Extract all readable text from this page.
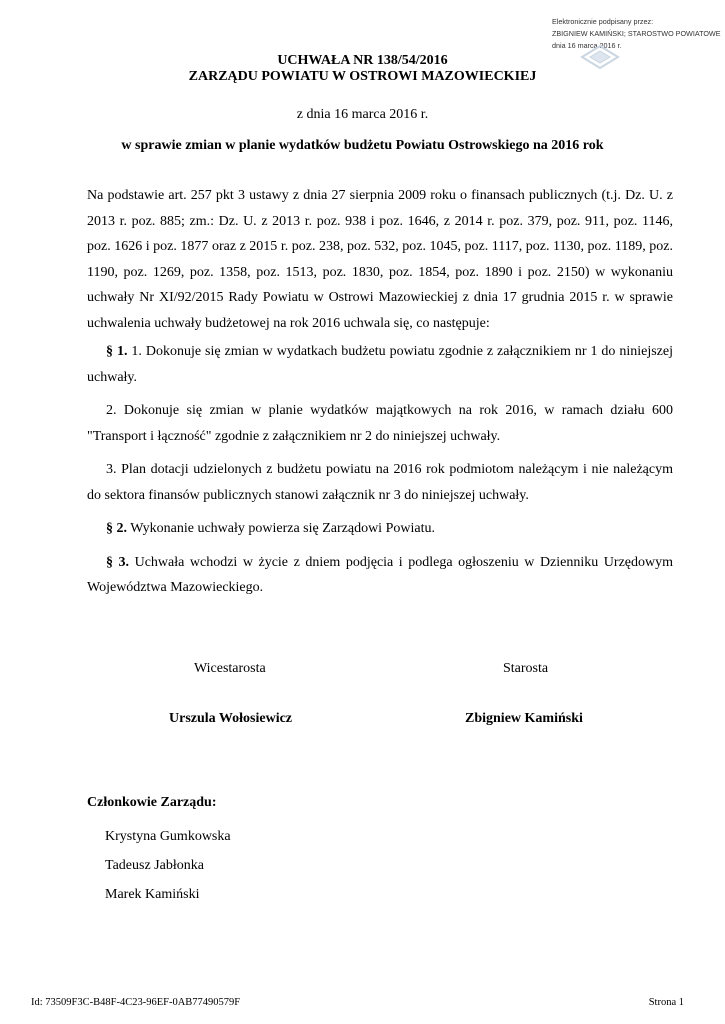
Elektronicznie podpisany przez:
ZBIGNIEW KAMIŃSKI; STAROSTWO POWIATOWE
dnia 16 marca 2016 r.
UCHWAŁA NR 138/54/2016
ZARZĄDU POWIATU W OSTROWI MAZOWIECKIEJ
z dnia 16 marca 2016 r.
w sprawie zmian w planie wydatków budżetu Powiatu Ostrowskiego na 2016 rok

Na podstawie art. 257 pkt 3 ustawy z dnia 27 sierpnia 2009 roku o finansach publicznych (t.j. Dz. U. z 2013 r. poz. 885; zm.: Dz. U. z 2013 r. poz. 938 i poz. 1646, z 2014 r. poz. 379, poz. 911, poz. 1146, poz. 1626 i poz. 1877 oraz z 2015 r. poz. 238, poz. 532, poz. 1045, poz. 1117, poz. 1130, poz. 1189, poz. 1190, poz. 1269, poz. 1358, poz. 1513, poz. 1830, poz. 1854, poz. 1890 i poz. 2150) w wykonaniu uchwały Nr XI/92/2015 Rady Powiatu w Ostrowi Mazowieckiej z dnia 17 grudnia 2015 r. w sprawie uchwalenia uchwały budżetowej na rok 2016 uchwala się, co następuje:

§ 1. 1. Dokonuje się zmian w wydatkach budżetu powiatu zgodnie z załącznikiem nr 1 do niniejszej uchwały.

2. Dokonuje się zmian w planie wydatków majątkowych na rok 2016, w ramach działu 600 "Transport i łączność" zgodnie z załącznikiem nr 2 do niniejszej uchwały.

3. Plan dotacji udzielonych z budżetu powiatu na 2016 rok podmiotom należącym i nie należącym do sektora finansów publicznych stanowi załącznik nr 3 do niniejszej uchwały.

§ 2. Wykonanie uchwały powierza się Zarządowi Powiatu.

§ 3. Uchwała wchodzi w życie z dniem podjęcia i podlega ogłoszeniu w Dzienniku Urzędowym Województwa Mazowieckiego.

Wicestarosta	Starosta
Urszula Wołosiewicz	Zbigniew Kamiński
Członkowie Zarządu:
Krystyna Gumkowska
Tadeusz Jabłonka
Marek Kamiński
Id: 73509F3C-B48F-4C23-96EF-0AB77490579F	Strona 1
